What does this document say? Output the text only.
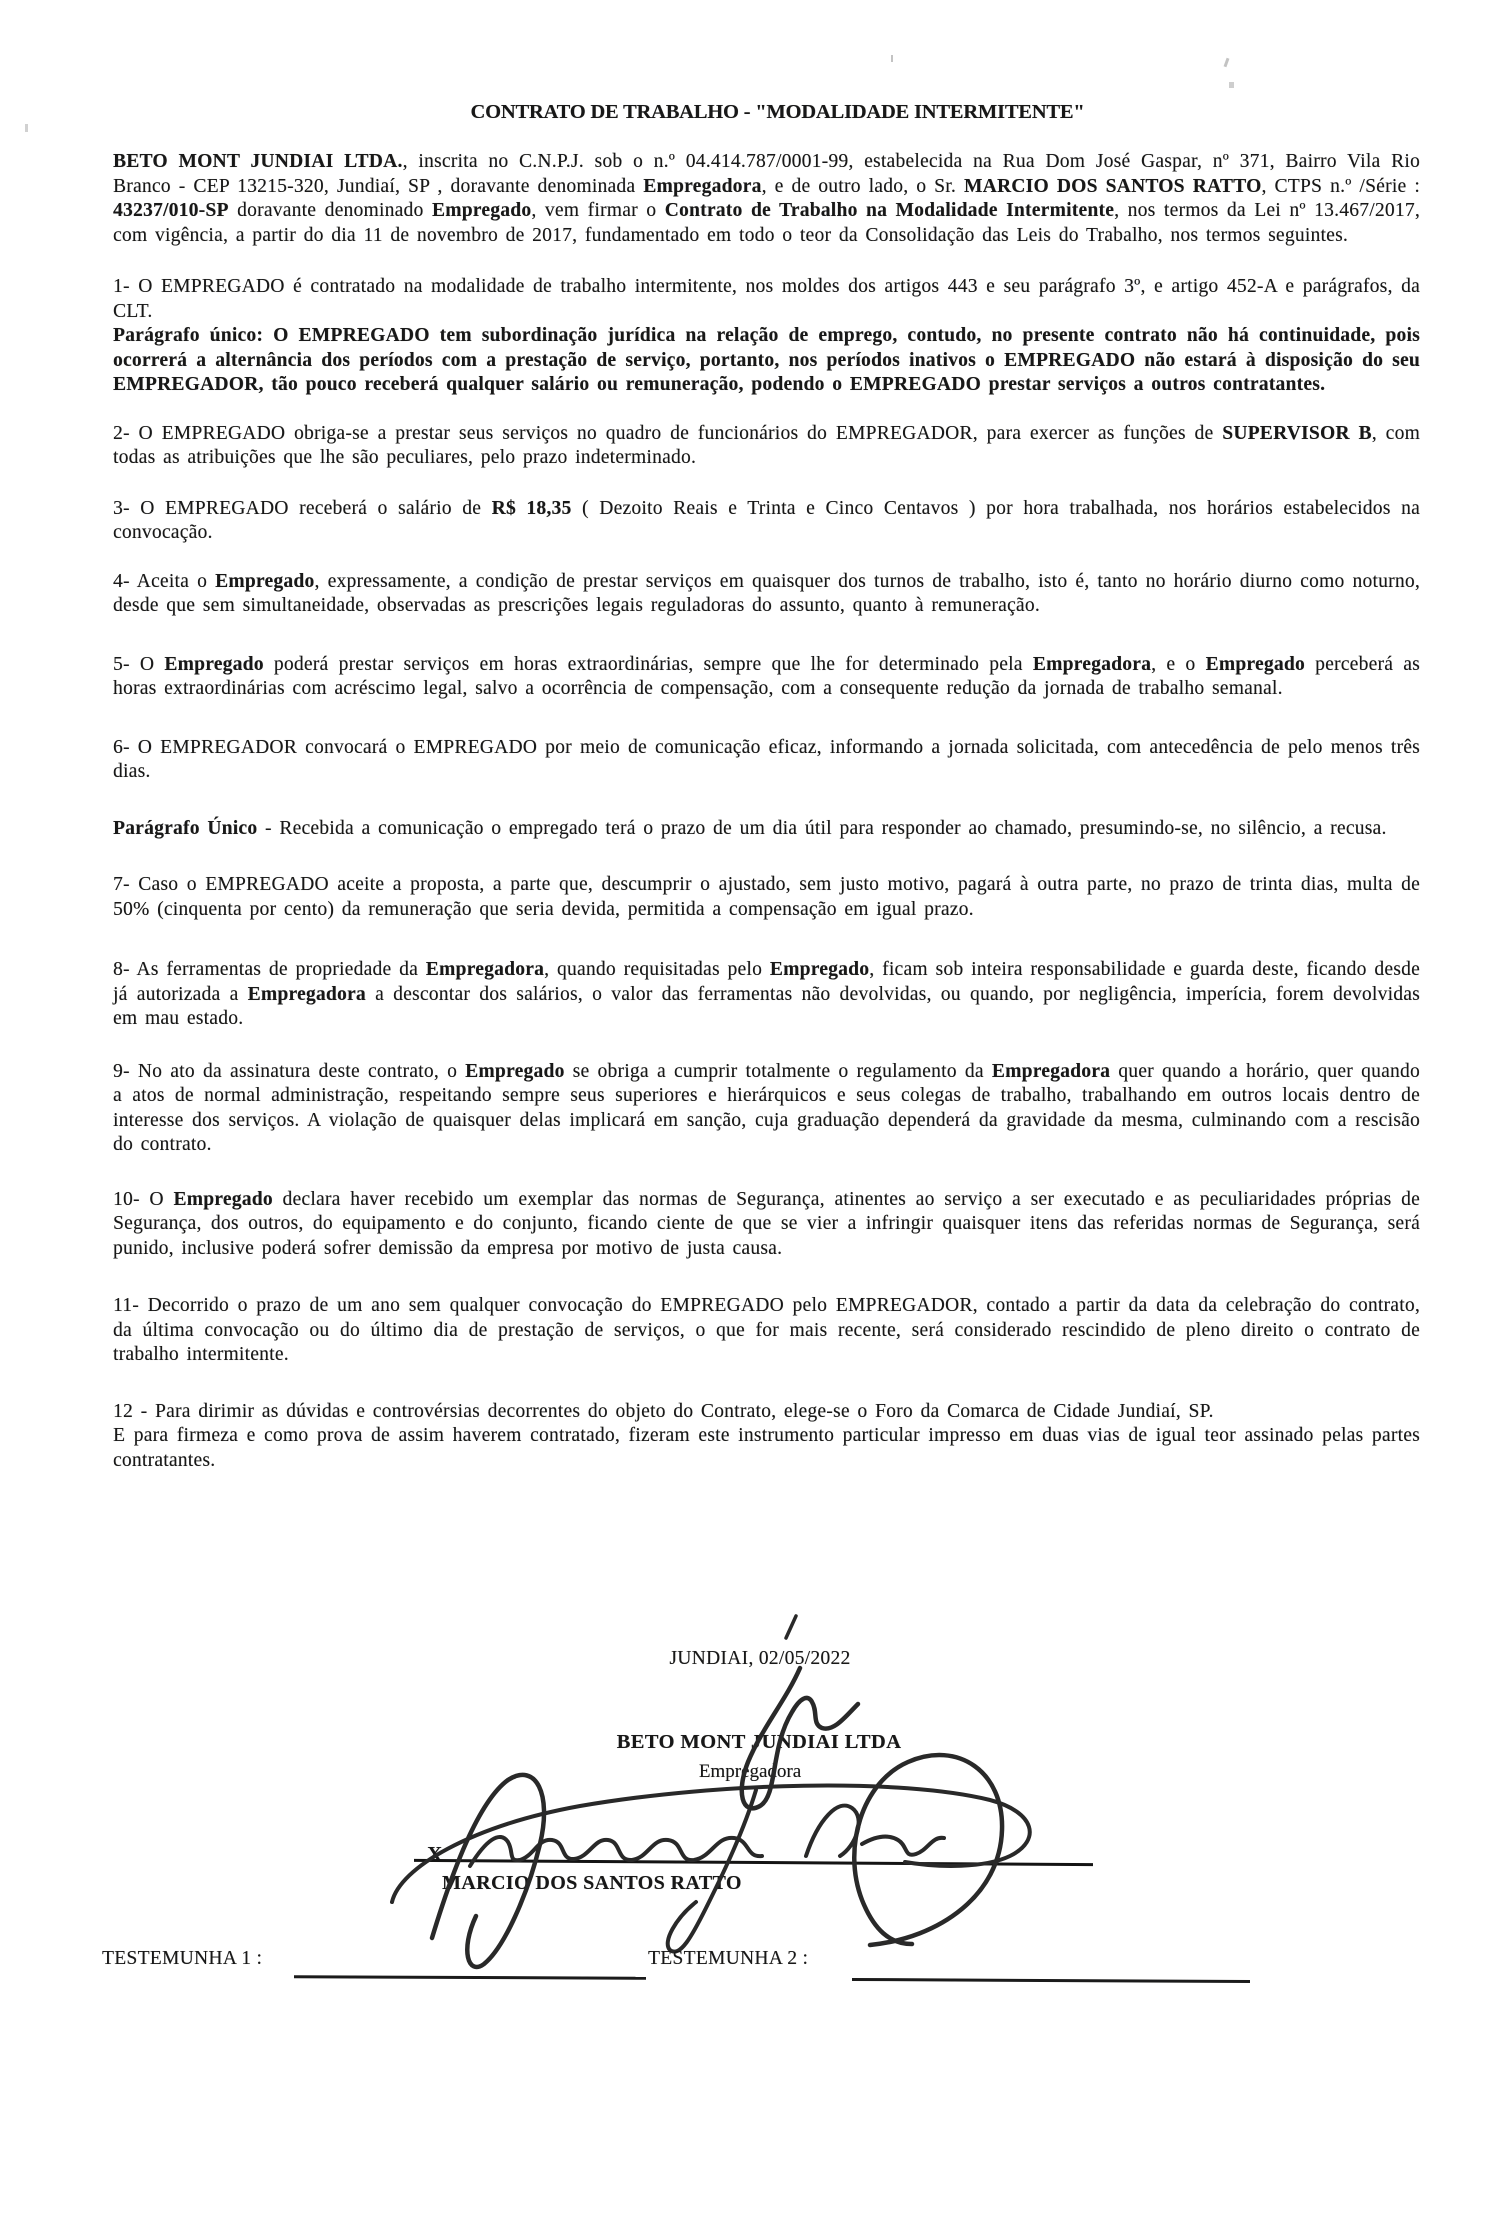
CONTRATO DE TRABALHO - "MODALIDADE INTERMITENTE"

BETO MONT JUNDIAI LTDA., inscrita no C.N.P.J. sob o n.º 04.414.787/0001-99, estabelecida na Rua Dom José Gaspar, nº 371, Bairro Vila Rio Branco - CEP 13215-320, Jundiaí, SP , doravante denominada Empregadora, e de outro lado, o Sr. MARCIO DOS SANTOS RATTO, CTPS n.º /Série : 43237/010-SP doravante denominado Empregado, vem firmar o Contrato de Trabalho na Modalidade Intermitente, nos termos da Lei nº 13.467/2017, com vigência, a partir do dia 11 de novembro de 2017, fundamentado em todo o teor da Consolidação das Leis do Trabalho, nos termos seguintes.

1- O EMPREGADO é contratado na modalidade de trabalho intermitente, nos moldes dos artigos 443 e seu parágrafo 3º, e artigo 452-A e parágrafos, da CLT.

Parágrafo único: O EMPREGADO tem subordinação jurídica na relação de emprego, contudo, no presente contrato não há continuidade, pois ocorrerá a alternância dos períodos com a prestação de serviço, portanto, nos períodos inativos o EMPREGADO não estará à disposição do seu EMPREGADOR, tão pouco receberá qualquer salário ou remuneração, podendo o EMPREGADO prestar serviços a outros contratantes.

2- O EMPREGADO obriga-se a prestar seus serviços no quadro de funcionários do EMPREGADOR, para exercer as funções de SUPERVISOR B, com todas as atribuições que lhe são peculiares, pelo prazo indeterminado.

3- O EMPREGADO receberá o salário de R$ 18,35 ( Dezoito Reais e Trinta e Cinco Centavos ) por hora trabalhada, nos horários estabelecidos na convocação.

4- Aceita o Empregado, expressamente, a condição de prestar serviços em quaisquer dos turnos de trabalho, isto é, tanto no horário diurno como noturno, desde que sem simultaneidade, observadas as prescrições legais reguladoras do assunto, quanto à remuneração.

5- O Empregado poderá prestar serviços em horas extraordinárias, sempre que lhe for determinado pela Empregadora, e o Empregado perceberá as horas extraordinárias com acréscimo legal, salvo a ocorrência de compensação, com a consequente redução da jornada de trabalho semanal.

6- O EMPREGADOR convocará o EMPREGADO por meio de comunicação eficaz, informando a jornada solicitada, com antecedência de pelo menos três dias.

Parágrafo Único - Recebida a comunicação o empregado terá o prazo de um dia útil para responder ao chamado, presumindo-se, no silêncio, a recusa.

7- Caso o EMPREGADO aceite a proposta, a parte que, descumprir o ajustado, sem justo motivo, pagará à outra parte, no prazo de trinta dias, multa de 50% (cinquenta por cento) da remuneração que seria devida, permitida a compensação em igual prazo.

8- As ferramentas de propriedade da Empregadora, quando requisitadas pelo Empregado, ficam sob inteira responsabilidade e guarda deste, ficando desde já autorizada a Empregadora a descontar dos salários, o valor das ferramentas não devolvidas, ou quando, por negligência, imperícia, forem devolvidas em mau estado.

9- No ato da assinatura deste contrato, o Empregado se obriga a cumprir totalmente o regulamento da Empregadora quer quando a horário, quer quando a atos de normal administração, respeitando sempre seus superiores e hierárquicos e seus colegas de trabalho, trabalhando em outros locais dentro de interesse dos serviços. A violação de quaisquer delas implicará em sanção, cuja graduação dependerá da gravidade da mesma, culminando com a rescisão do contrato.

10- O Empregado declara haver recebido um exemplar das normas de Segurança, atinentes ao serviço a ser executado e as peculiaridades próprias de Segurança, dos outros, do equipamento e do conjunto, ficando ciente de que se vier a infringir quaisquer itens das referidas normas de Segurança, será punido, inclusive poderá sofrer demissão da empresa por motivo de justa causa.

11- Decorrido o prazo de um ano sem qualquer convocação do EMPREGADO pelo EMPREGADOR, contado a partir da data da celebração do contrato, da última convocação ou do último dia de prestação de serviços, o que for mais recente, será considerado rescindido de pleno direito o contrato de trabalho intermitente.

12 - Para dirimir as dúvidas e controvérsias decorrentes do objeto do Contrato, elege-se o Foro da Comarca de Cidade Jundiaí, SP.

E para firmeza e como prova de assim haverem contratado, fizeram este instrumento particular impresso em duas vias de igual teor assinado pelas partes contratantes.

JUNDIAI, 02/05/2022
BETO MONT JUNDIAI LTDA
Empregadora
X
MARCIO DOS SANTOS RATTO
TESTEMUNHA 1 :	TESTEMUNHA 2 :
